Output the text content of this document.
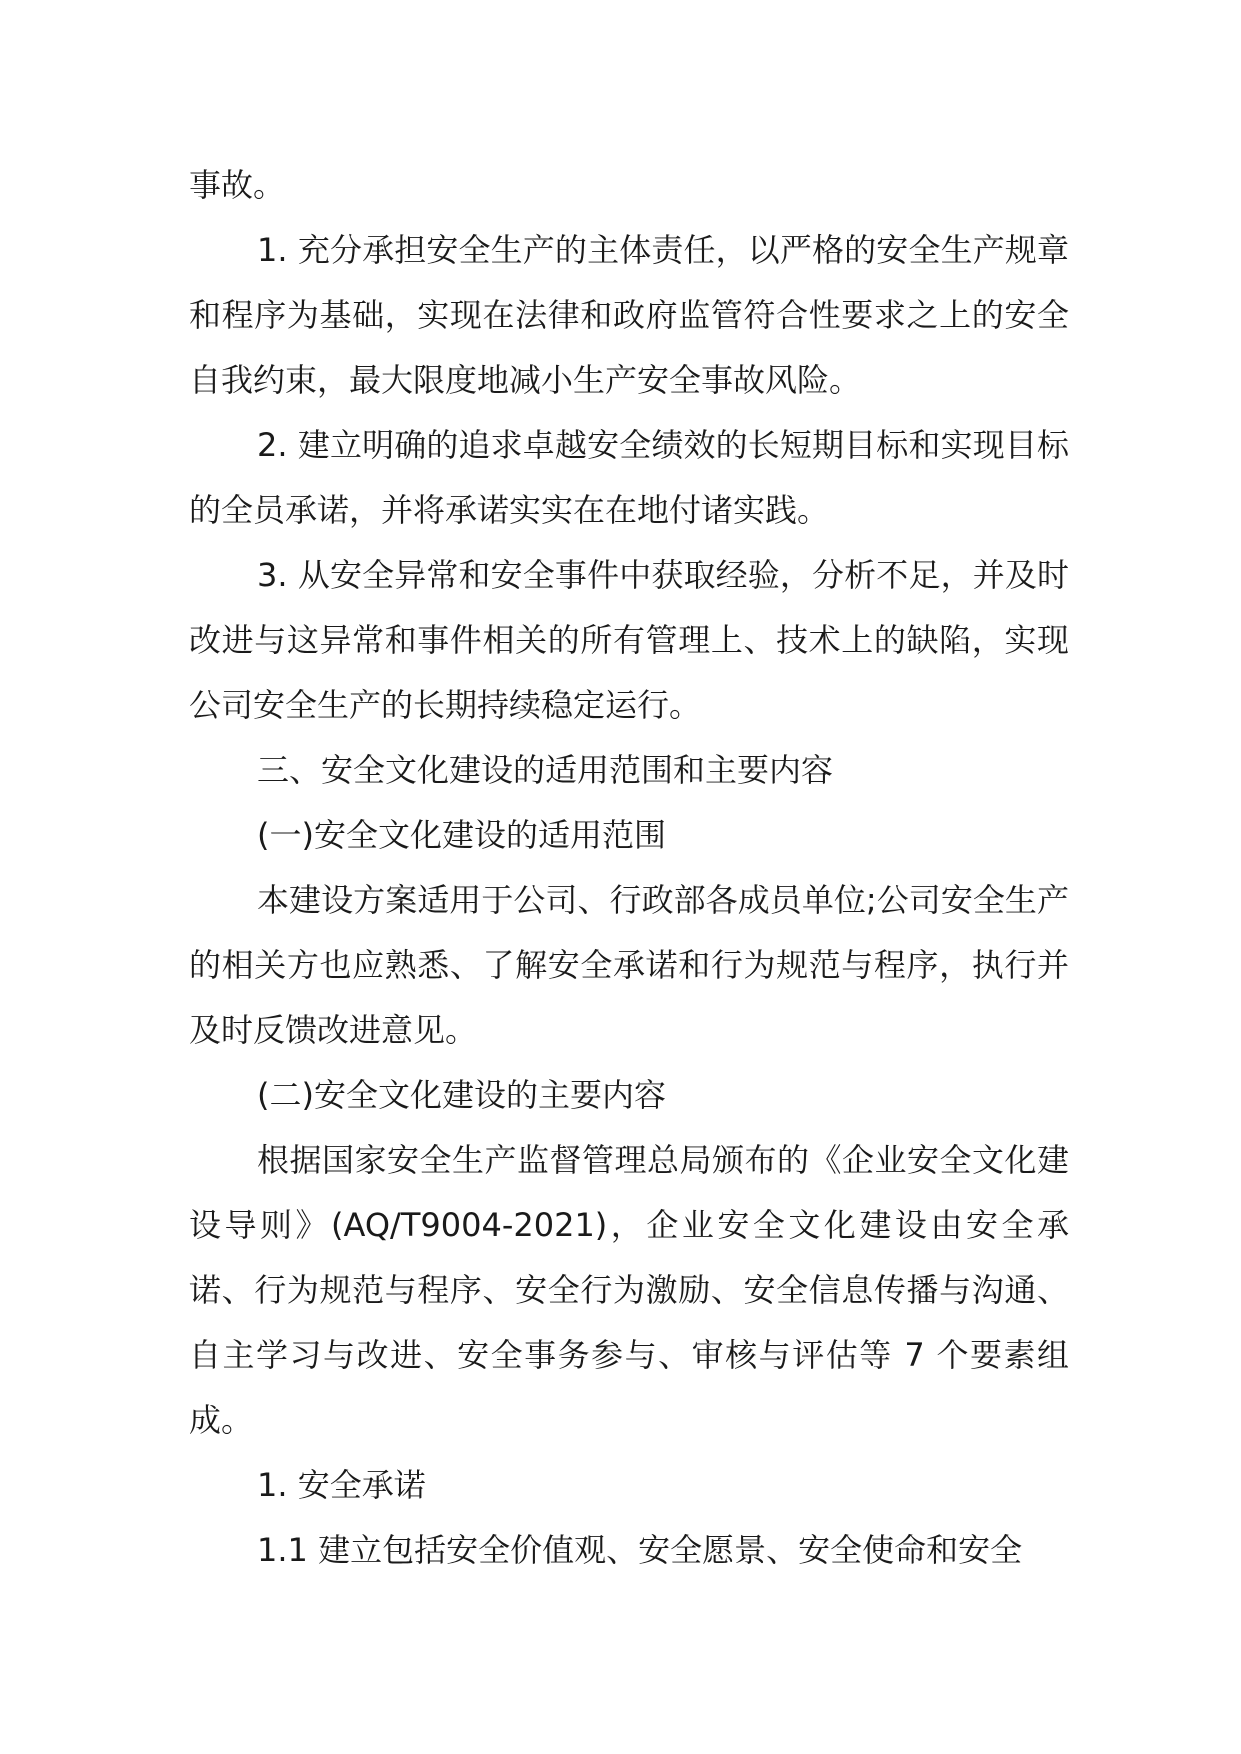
事故。

1. 充分承担安全生产的主体责任，以严格的安全生产规章和程序为基础，实现在法律和政府监管符合性要求之上的安全自我约束，最大限度地减小生产安全事故风险。

2. 建立明确的追求卓越安全绩效的长短期目标和实现目标的全员承诺，并将承诺实实在在地付诸实践。

3. 从安全异常和安全事件中获取经验，分析不足，并及时改进与这异常和事件相关的所有管理上、技术上的缺陷，实现公司安全生产的长期持续稳定运行。

三、安全文化建设的适用范围和主要内容

(一)安全文化建设的适用范围

本建设方案适用于公司、行政部各成员单位;公司安全生产的相关方也应熟悉、了解安全承诺和行为规范与程序，执行并及时反馈改进意见。

(二)安全文化建设的主要内容

根据国家安全生产监督管理总局颁布的《企业安全文化建设导则》(AQ/T9004-2021)，企业安全文化建设由安全承诺、行为规范与程序、安全行为激励、安全信息传播与沟通、自主学习与改进、安全事务参与、审核与评估等 7 个要素组成。

1. 安全承诺

1.1 建立包括安全价值观、安全愿景、安全使命和安全
